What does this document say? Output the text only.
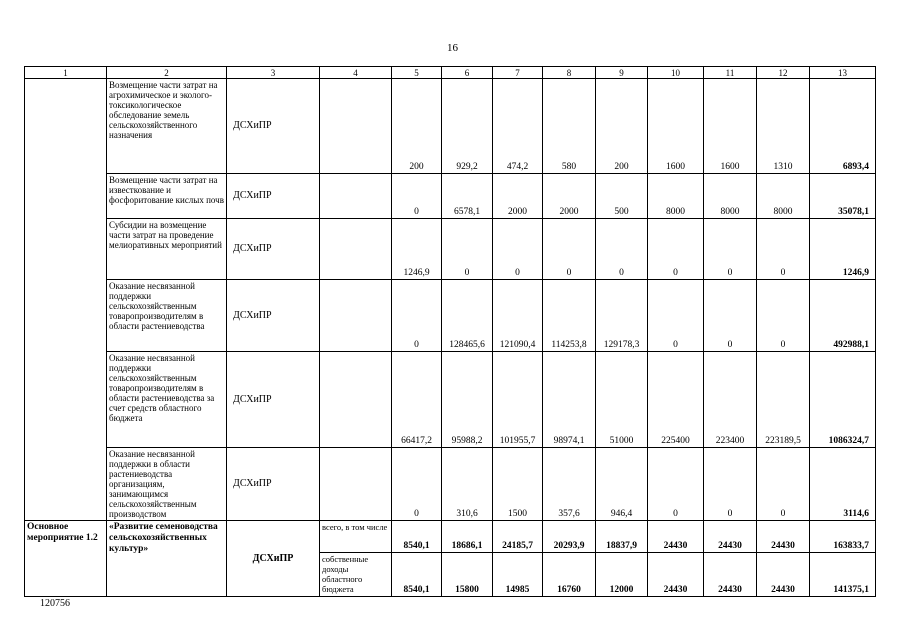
16
1	2	3	4	5	6	7	8	9	10	11	12	13
	Возмещение части затрат на агрохимическое и эколого-токсикологическое обследование земель сельскохозяйственного назначения	ДСХиПР		200	929,2	474,2	580	200	1600	1600	1310	6893,4
	Возмещение части затрат на известкование и фосфоритование кислых почв	ДСХиПР		0	6578,1	2000	2000	500	8000	8000	8000	35078,1
	Субсидии на возмещение части затрат на проведение мелиоративных мероприятий	ДСХиПР		1246,9	0	0	0	0	0	0	0	1246,9
	Оказание несвязанной поддержки сельскохозяйственным товаропроизводителям в области растениеводства	ДСХиПР		0	128465,6	121090,4	114253,8	129178,3	0	0	0	492988,1
	Оказание несвязанной поддержки сельскохозяйственным товаропроизводителям в области растениеводства за счет средств областного бюджета	ДСХиПР		66417,2	95988,2	101955,7	98974,1	51000	225400	223400	223189,5	1086324,7
	Оказание несвязанной поддержки в области растениеводства организациям, занимающимся сельскохозяйственным производством	ДСХиПР		0	310,6	1500	357,6	946,4	0	0	0	3114,6
Основное мероприятие 1.2	«Развитие семеноводства сельскохозяйственных культур»	ДСХиПР	всего, в том числе	8540,1	18686,1	24185,7	20293,9	18837,9	24430	24430	24430	163833,7
			собственные доходы областного бюджета	8540,1	15800	14985	16760	12000	24430	24430	24430	141375,1
120756
